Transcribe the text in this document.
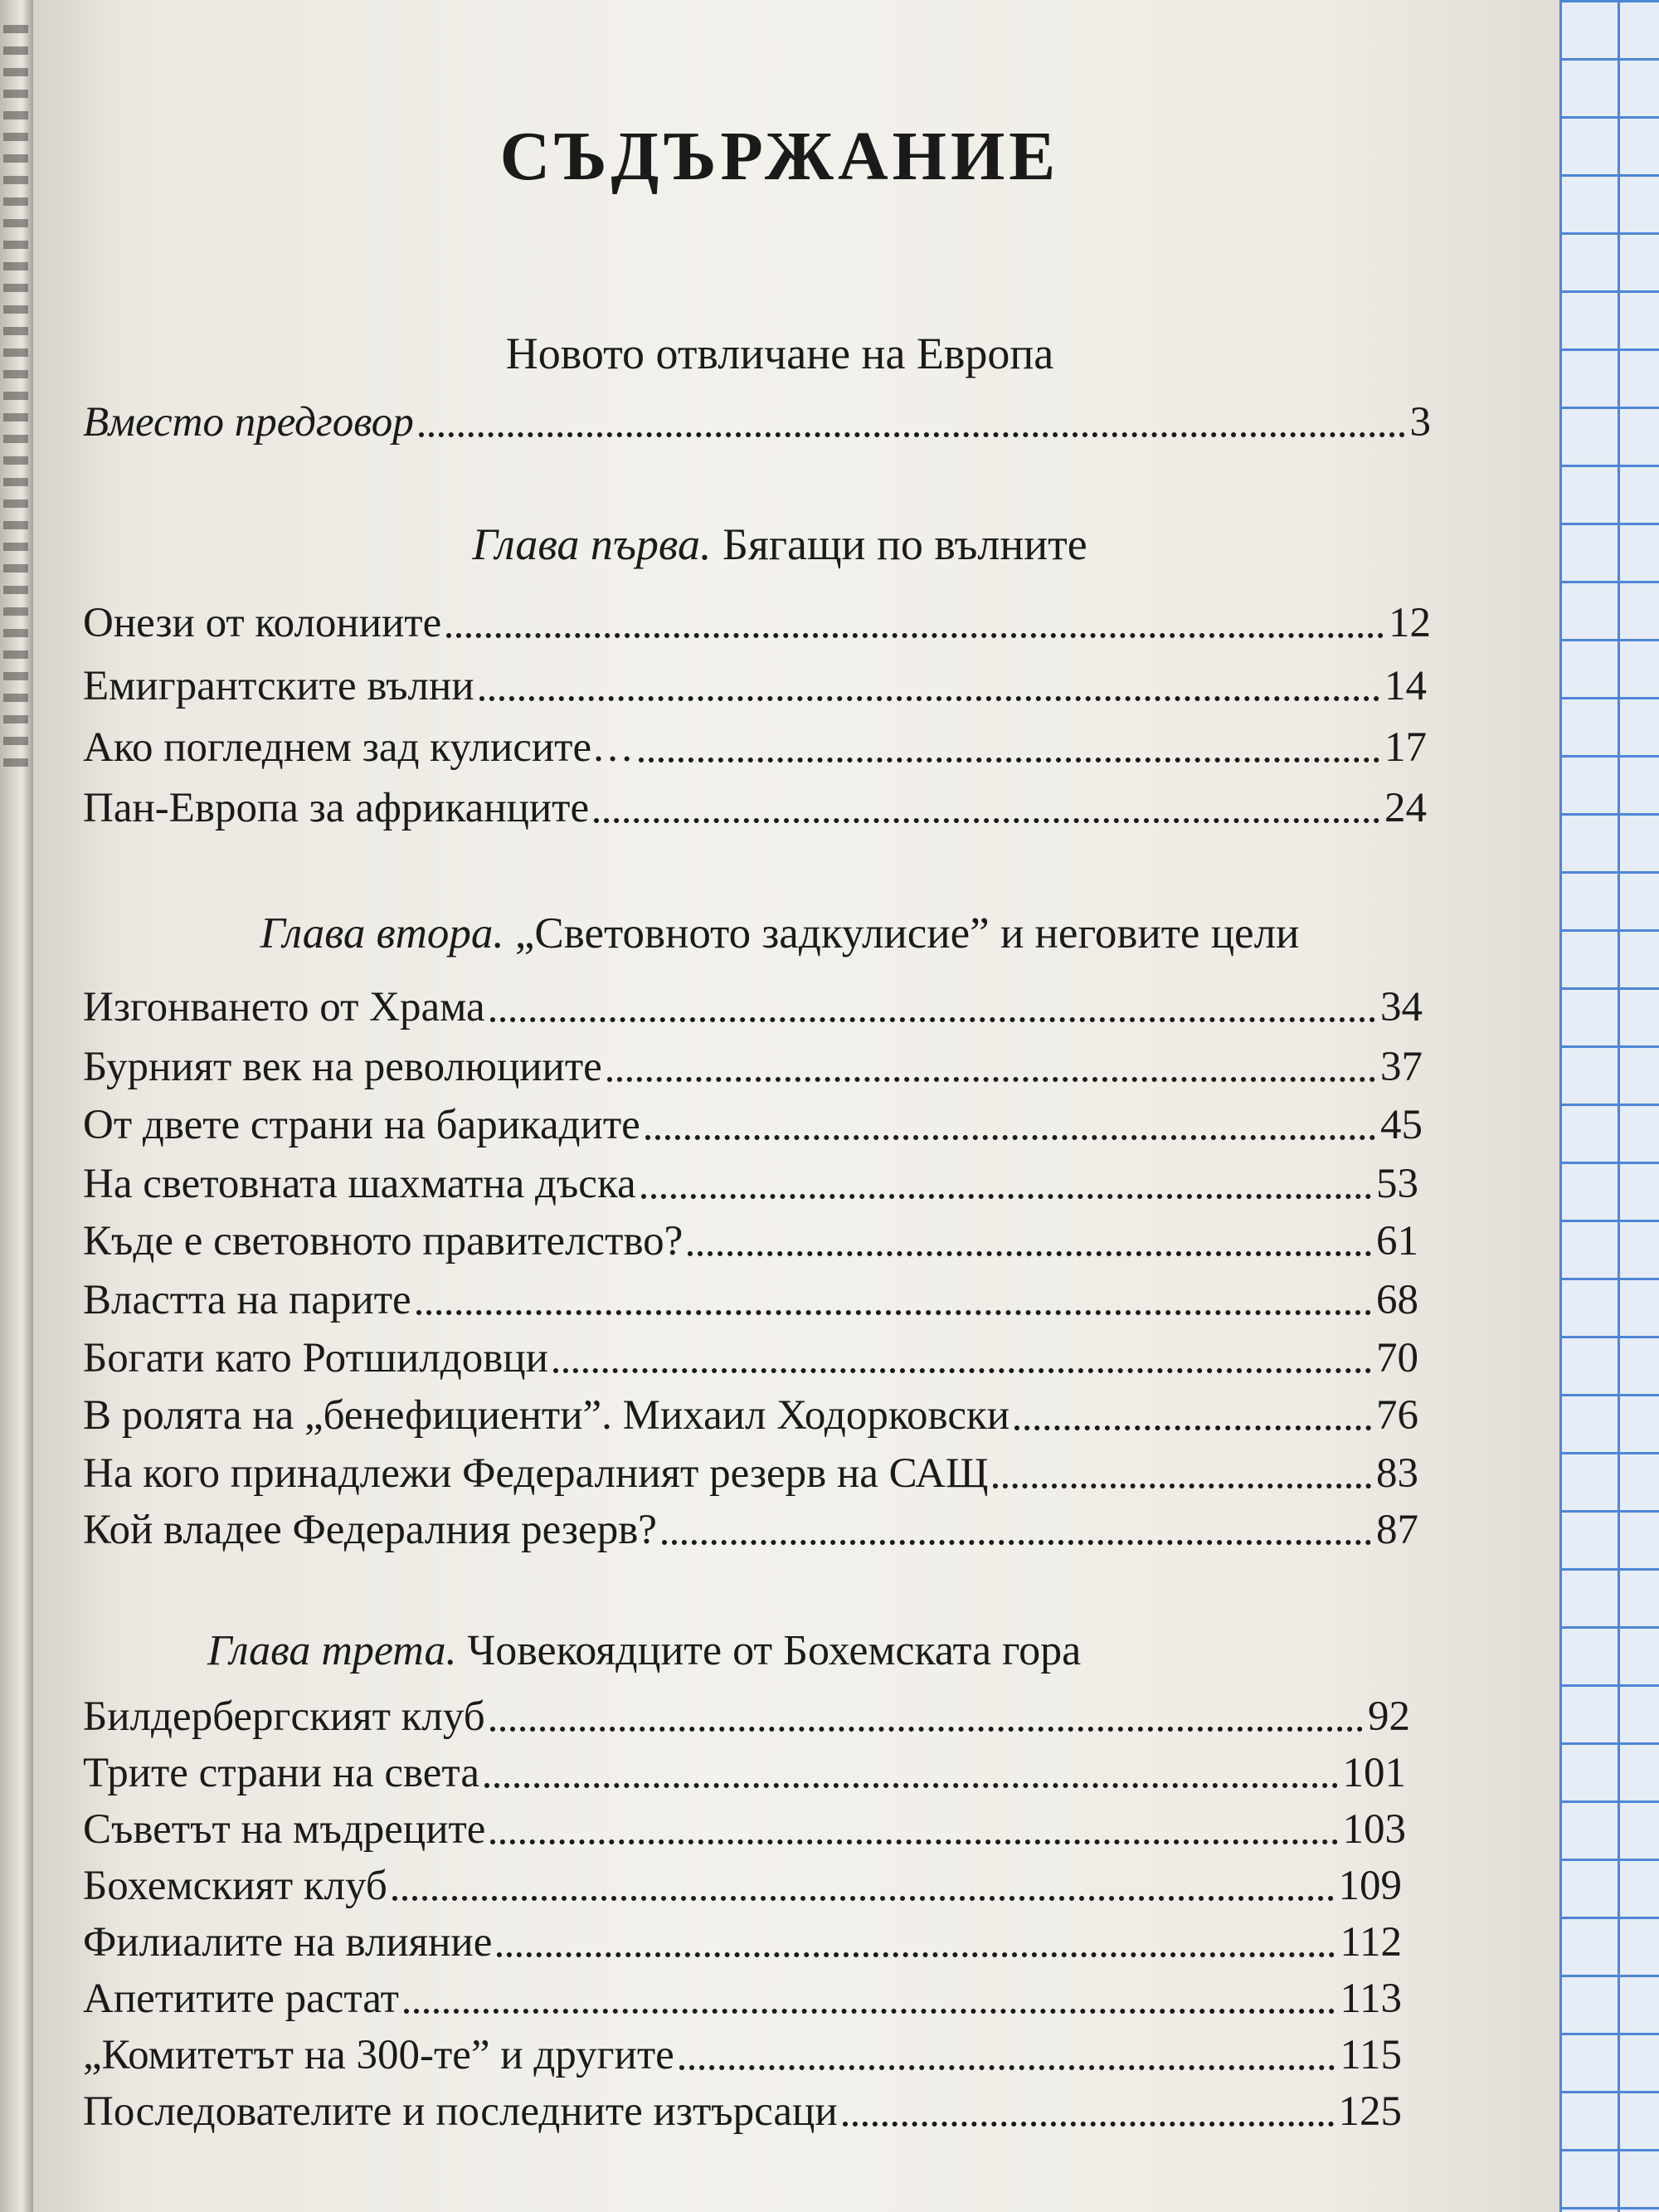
СЪДЪРЖАНИЕ
Новото отвличане на Европа
Вместо предговор	3
Глава първа. Бягащи по вълните
Онези от колониите	12
Емигрантските вълни	14
Ако погледнем зад кулисите…	17
Пан-Европа за африканците	24
Глава втора. „Световното задкулисие” и неговите цели
Изгонването от Храма	34
Бурният век на революциите	37
От двете страни на барикадите	45
На световната шахматна дъска	53
Къде е световното правителство?	61
Властта на парите	68
Богати като Ротшилдовци	70
В ролята на „бенефициенти”. Михаил Ходорковски	76
На кого принадлежи Федералният резерв на САЩ	83
Кой владее Федералния резерв?	87
Глава трета. Човекоядците от Бохемската гора
Билдербергският клуб	92
Трите страни на света	101
Съветът на мъдреците	103
Бохемският клуб	109
Филиалите на влияние	112
Апетитите растат	113
„Комитетът на 300-те” и другите	115
Последователите и последните изтърсаци	125
